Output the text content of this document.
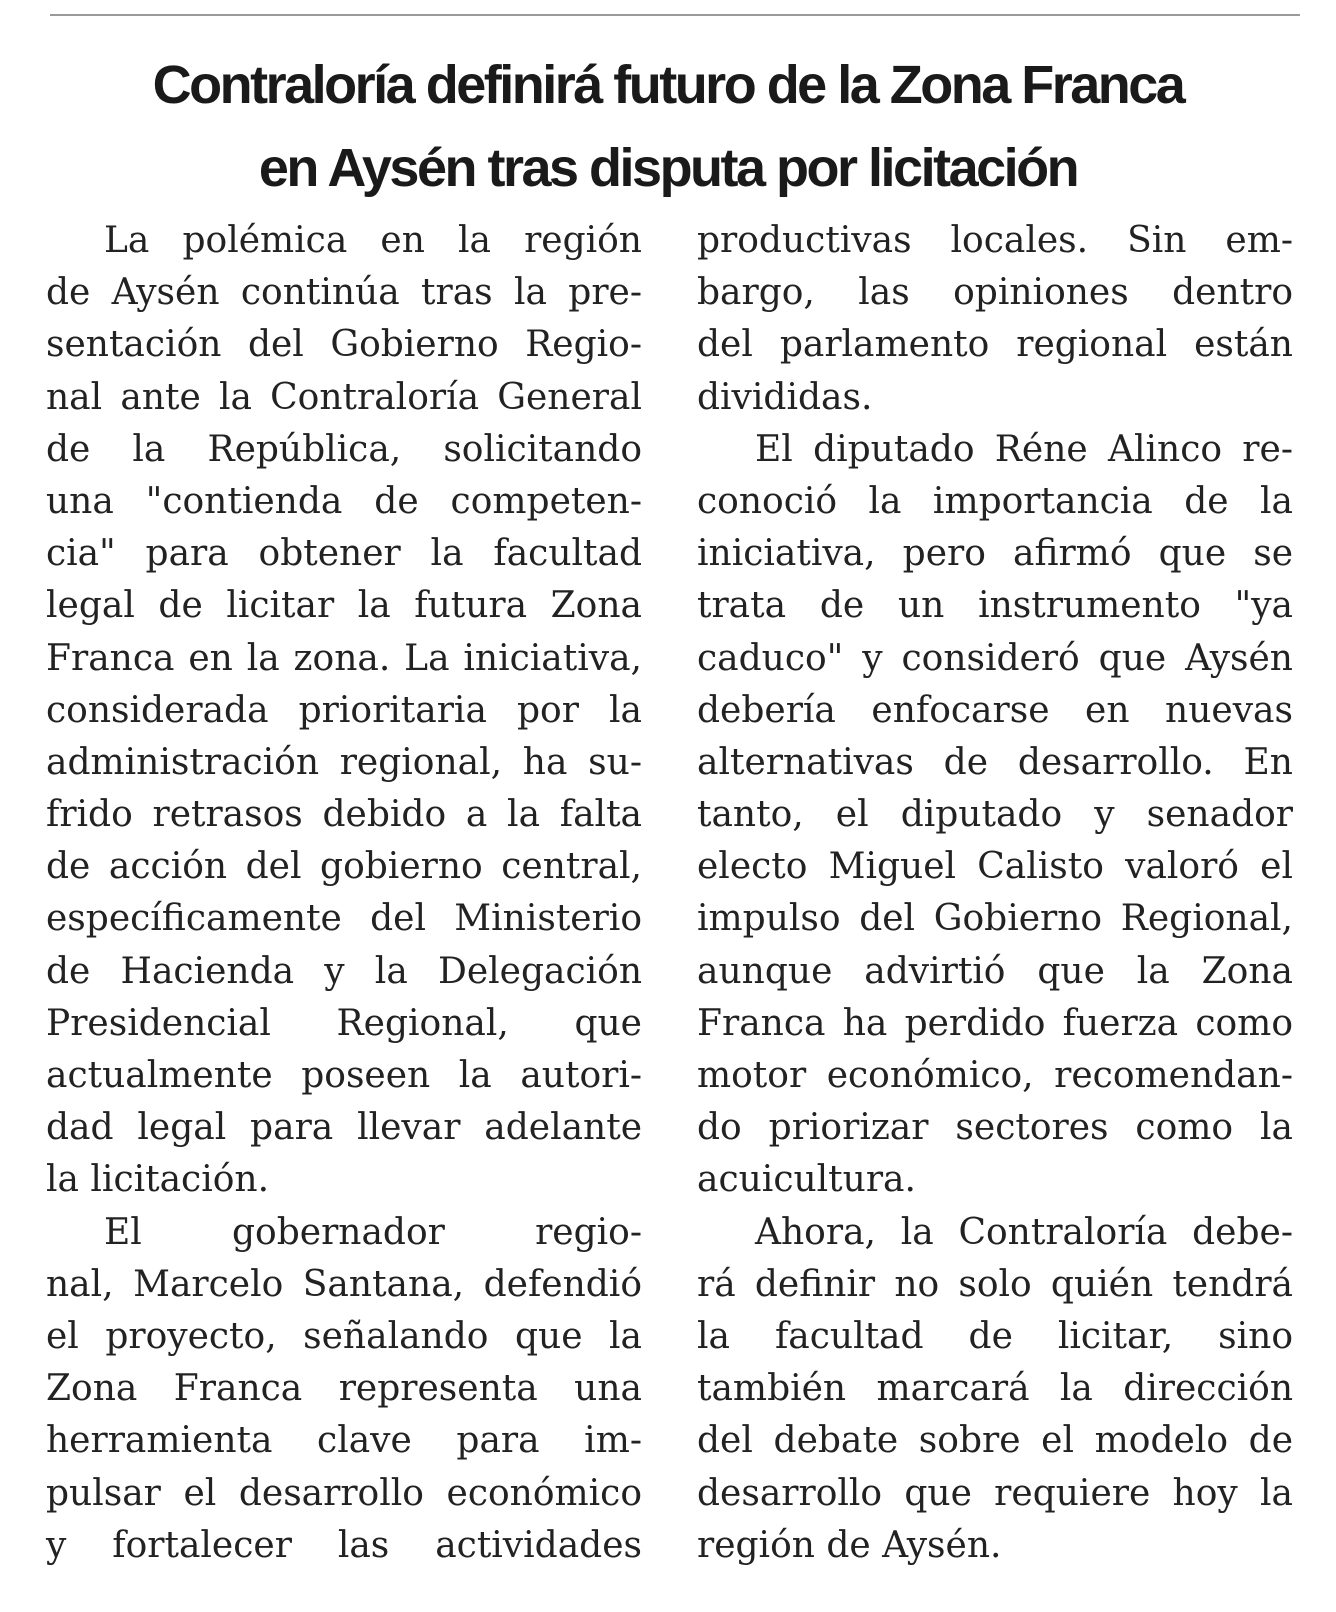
Contraloría definirá futuro de la Zona Franca
en Aysén tras disputa por licitación
La polémica en la región
de Aysén continúa tras la pre-
sentación del Gobierno Regio-
nal ante la Contraloría General
de la República, solicitando
una "contienda de competen-
cia" para obtener la facultad
legal de licitar la futura Zona
Franca en la zona. La iniciativa,
considerada prioritaria por la
administración regional, ha su-
frido retrasos debido a la falta
de acción del gobierno central,
específicamente del Ministerio
de Hacienda y la Delegación
Presidencial Regional, que
actualmente poseen la autori-
dad legal para llevar adelante
la licitación.
El gobernador regio-
nal, Marcelo Santana, defendió
el proyecto, señalando que la
Zona Franca representa una
herramienta clave para im-
pulsar el desarrollo económico
y fortalecer las actividades
productivas locales. Sin em-
bargo, las opiniones dentro
del parlamento regional están
divididas.
El diputado Réne Alinco re-
conoció la importancia de la
iniciativa, pero afirmó que se
trata de un instrumento "ya
caduco" y consideró que Aysén
debería enfocarse en nuevas
alternativas de desarrollo. En
tanto, el diputado y senador
electo Miguel Calisto valoró el
impulso del Gobierno Regional,
aunque advirtió que la Zona
Franca ha perdido fuerza como
motor económico, recomendan-
do priorizar sectores como la
acuicultura.
Ahora, la Contraloría debe-
rá definir no solo quién tendrá
la facultad de licitar, sino
también marcará la dirección
del debate sobre el modelo de
desarrollo que requiere hoy la
región de Aysén.
